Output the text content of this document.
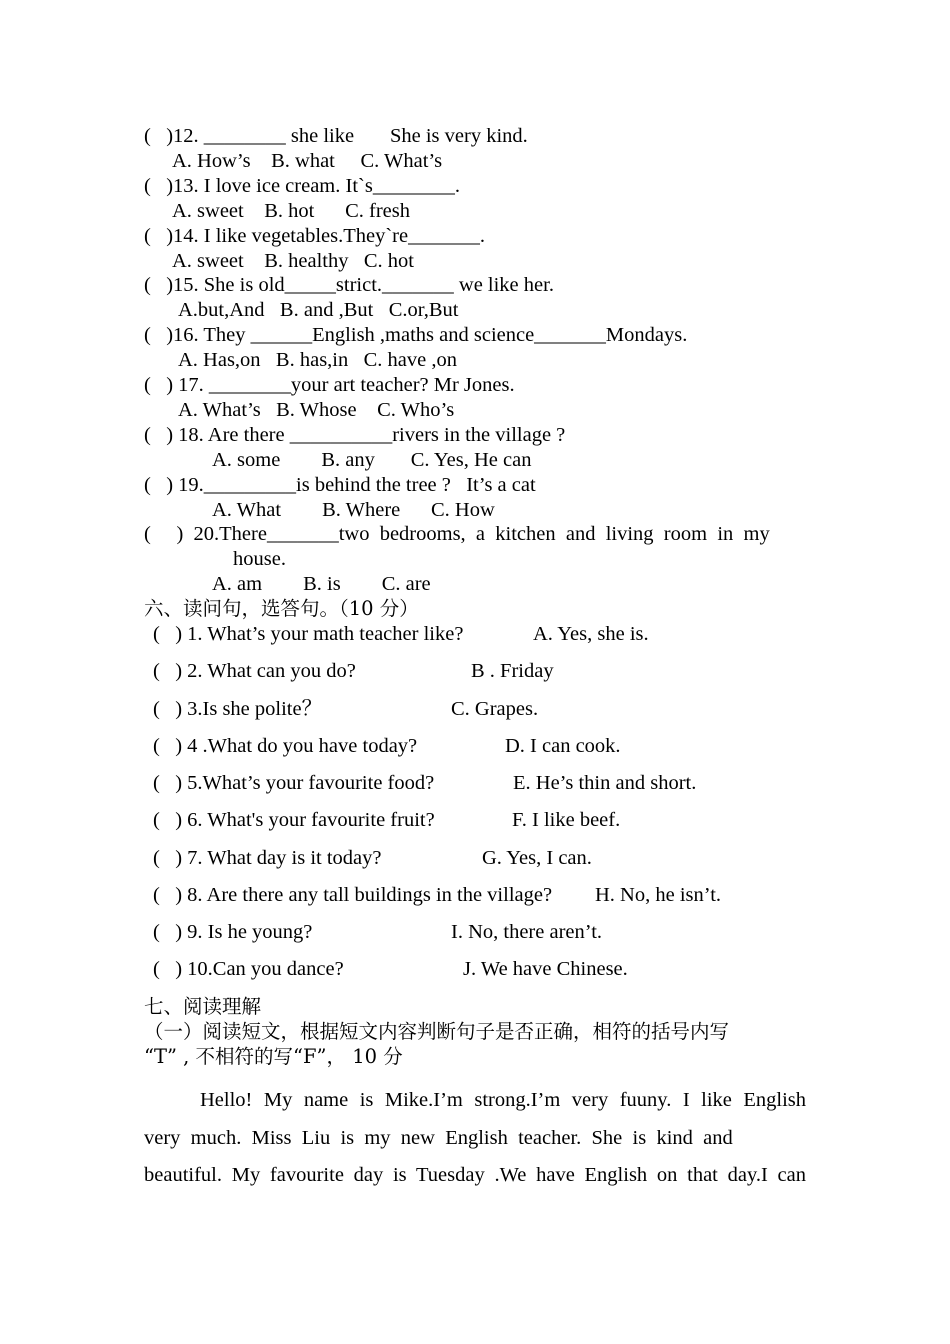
(   )12. ________ she like       She is very kind.
A. How’s    B. what     C. What’s
(   )13. I love ice cream. It`s________.
A. sweet    B. hot      C. fresh
(   )14. I like vegetables.They`re_______.
A. sweet    B. healthy   C. hot
(   )15. She is old_____strict._______ we like her.
A.but,And   B. and ,But   C.or,But
(   )16. They ______English ,maths and science_______Mondays.
A. Has,on   B. has,in   C. have ,on
(   ) 17. ________your art teacher? Mr Jones.
A. What’s   B. Whose    C. Who’s
(   ) 18. Are there __________rivers in the village ?
A. some        B. any       C. Yes, He can
(   ) 19._________is behind the tree ?   It’s a cat
A. What        B. Where      C. How
(     )  20.There_______two  bedrooms,  a  kitchen  and  living  room  in  my
house.
A. am        B. is        C. are
六、读问句，选答句。（10 分）
(   ) 1. What’s your math teacher like?	A. Yes, she is.
(   ) 2. What can you do?	B . Friday
(   ) 3.Is she polite？	C. Grapes.
(   ) 4 .What do you have today?	D. I can cook.
(   ) 5.What’s your favourite food?	E. He’s thin and short.
(   ) 6. What's your favourite fruit?	F. I like beef.
(   ) 7. What day is it today?	G. Yes, I can.
(   ) 8. Are there any tall buildings in the village? H. No, he isn’t.
(   ) 9. Is he young?	I. No, there aren’t.
(   ) 10.Can you dance?	J. We have Chinese.
七、阅读理解
（一）阅读短文，根据短文内容判断句子是否正确，相符的括号内写
“T” , 不相符的写“F”， 10 分
Hello! My name is Mike.I’m strong.I’m very fuuny. I like English
very  much.  Miss  Liu  is  my  new  English  teacher.  She  is  kind  and
beautiful. My favourite day is Tuesday .We have English on that day.I can
